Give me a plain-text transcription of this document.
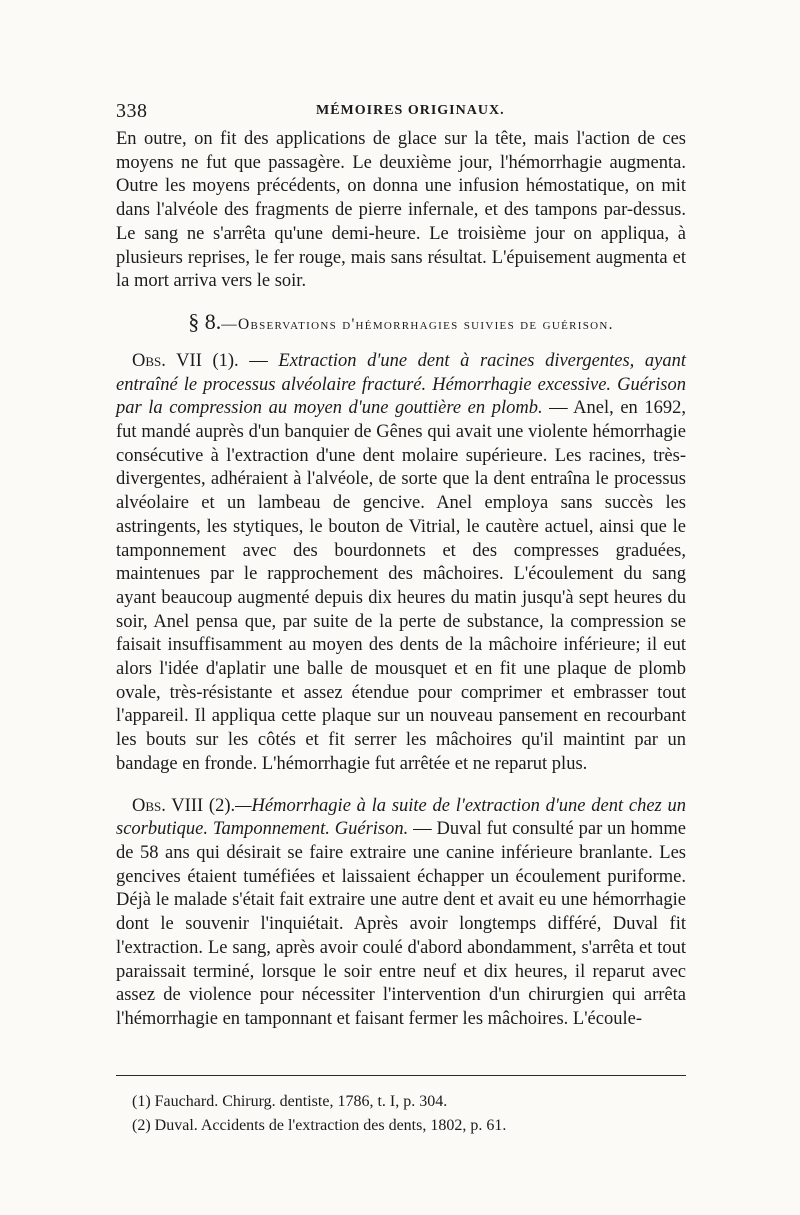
338	MÉMOIRES ORIGINAUX.

En outre, on fit des applications de glace sur la tête, mais l'action de ces moyens ne fut que passagère. Le deuxième jour, l'hémorrhagie augmenta. Outre les moyens précédents, on donna une infusion hémostatique, on mit dans l'alvéole des fragments de pierre infernale, et des tampons par-dessus. Le sang ne s'arrêta qu'une demi-heure. Le troisième jour on appliqua, à plusieurs reprises, le fer rouge, mais sans résultat. L'épuisement augmenta et la mort arriva vers le soir.

§ 8.—Observations d'hémorrhagies suivies de guérison.

Obs. VII (1). — Extraction d'une dent à racines divergentes, ayant entraîné le processus alvéolaire fracturé. Hémorrhagie excessive. Guérison par la compression au moyen d'une gouttière en plomb. — Anel, en 1692, fut mandé auprès d'un banquier de Gênes qui avait une violente hémorrhagie consécutive à l'extraction d'une dent molaire supérieure. Les racines, très-divergentes, adhéraient à l'alvéole, de sorte que la dent entraîna le processus alvéolaire et un lambeau de gencive. Anel employa sans succès les astringents, les stytiques, le bouton de Vitrial, le cautère actuel, ainsi que le tamponnement avec des bourdonnets et des compresses graduées, maintenues par le rapprochement des mâchoires. L'écoulement du sang ayant beaucoup augmenté depuis dix heures du matin jusqu'à sept heures du soir, Anel pensa que, par suite de la perte de substance, la compression se faisait insuffisamment au moyen des dents de la mâchoire inférieure; il eut alors l'idée d'aplatir une balle de mousquet et en fit une plaque de plomb ovale, très-résistante et assez étendue pour comprimer et embrasser tout l'appareil. Il appliqua cette plaque sur un nouveau pansement en recourbant les bouts sur les côtés et fit serrer les mâchoires qu'il maintint par un bandage en fronde. L'hémorrhagie fut arrêtée et ne reparut plus.

Obs. VIII (2).—Hémorrhagie à la suite de l'extraction d'une dent chez un scorbutique. Tamponnement. Guérison. — Duval fut consulté par un homme de 58 ans qui désirait se faire extraire une canine inférieure branlante. Les gencives étaient tuméfiées et laissaient échapper un écoulement puriforme. Déjà le malade s'était fait extraire une autre dent et avait eu une hémorrhagie dont le souvenir l'inquiétait. Après avoir longtemps différé, Duval fit l'extraction. Le sang, après avoir coulé d'abord abondamment, s'arrêta et tout paraissait terminé, lorsque le soir entre neuf et dix heures, il reparut avec assez de violence pour nécessiter l'intervention d'un chirurgien qui arrêta l'hémorrhagie en tamponnant et faisant fermer les mâchoires. L'écoule-

(1) Fauchard. Chirurg. dentiste, 1786, t. I, p. 304.

(2) Duval. Accidents de l'extraction des dents, 1802, p. 61.
